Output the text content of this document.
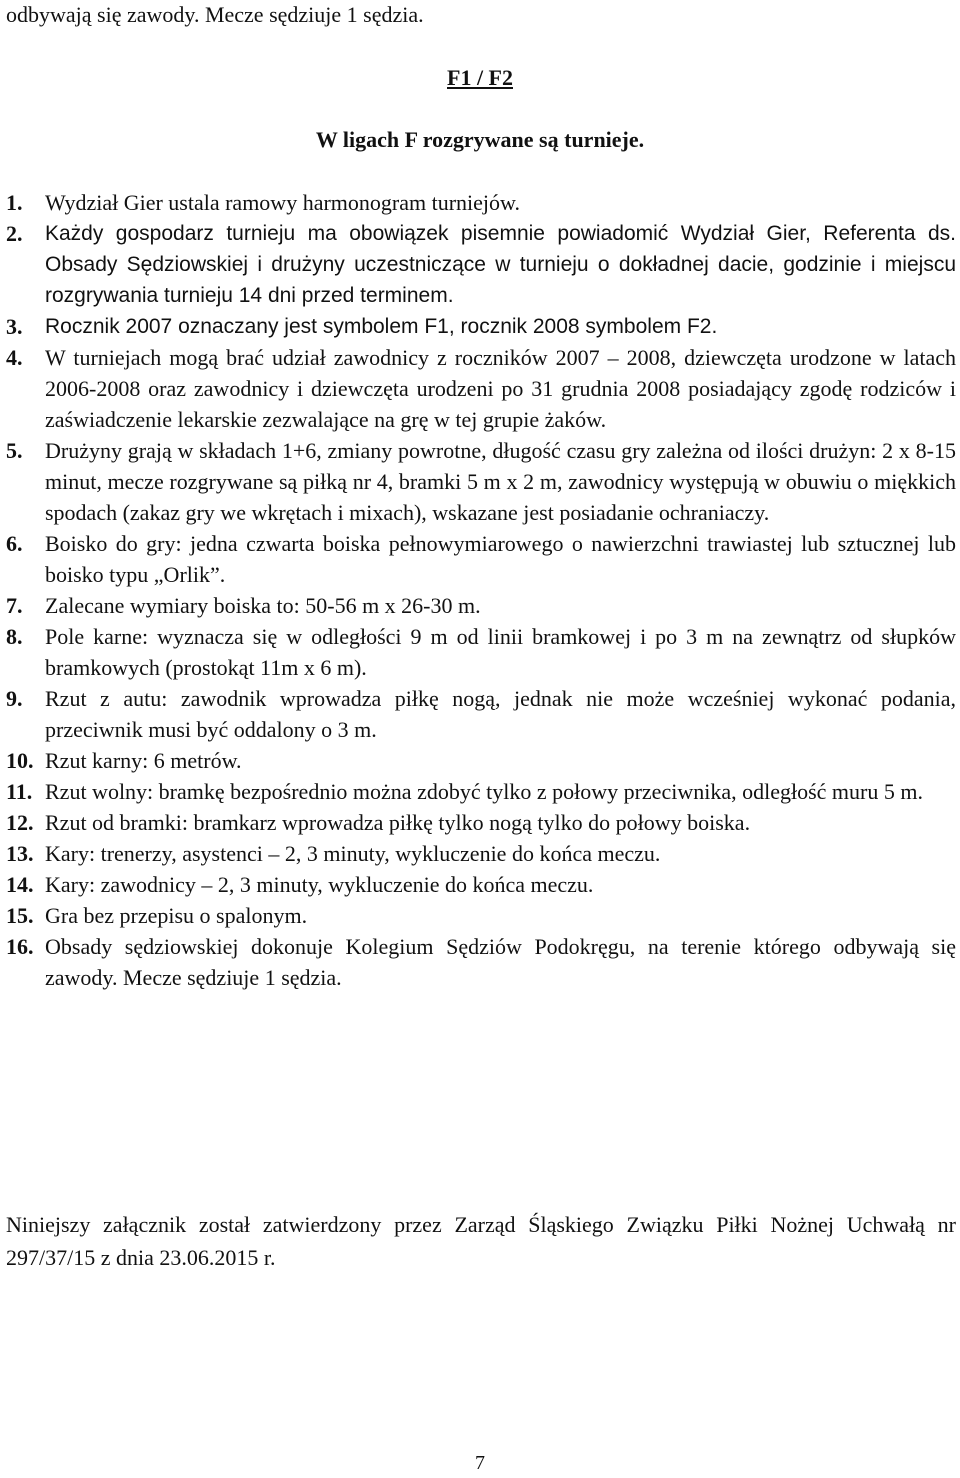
odbywają się zawody. Mecze sędziuje 1 sędzia.
F1 / F2
W ligach F rozgrywane są turnieje.
1. Wydział Gier ustala ramowy harmonogram turniejów.
2. Każdy gospodarz turnieju ma obowiązek pisemnie powiadomić Wydział Gier, Referenta ds. Obsady Sędziowskiej i drużyny uczestniczące w turnieju o dokładnej dacie, godzinie i miejscu rozgrywania turnieju 14 dni przed terminem.
3. Rocznik 2007 oznaczany jest symbolem F1, rocznik 2008 symbolem F2.
4. W turniejach mogą brać udział zawodnicy z roczników 2007 – 2008, dziewczęta urodzone w latach 2006-2008 oraz zawodnicy i dziewczęta urodzeni po 31 grudnia 2008 posiadający zgodę rodziców i zaświadczenie lekarskie zezwalające na grę w tej grupie żaków.
5. Drużyny grają w składach 1+6, zmiany powrotne, długość czasu gry zależna od ilości drużyn: 2 x 8-15 minut, mecze rozgrywane są piłką nr 4, bramki 5 m x 2 m, zawodnicy występują w obuwiu o miękkich spodach (zakaz gry we wkrętach i mixach), wskazane jest posiadanie ochraniaczy.
6. Boisko do gry: jedna czwarta boiska pełnowymiarowego o nawierzchni trawiastej lub sztucznej lub boisko typu „Orlik”.
7. Zalecane wymiary boiska to: 50-56 m x 26-30 m.
8. Pole karne: wyznacza się w odległości 9 m od linii bramkowej i po 3 m na zewnątrz od słupków bramkowych (prostokąt 11m x 6 m).
9. Rzut z autu: zawodnik wprowadza piłkę nogą, jednak nie może wcześniej wykonać podania, przeciwnik musi być oddalony o 3 m.
10. Rzut karny: 6 metrów.
11. Rzut wolny: bramkę bezpośrednio można zdobyć tylko z połowy przeciwnika, odległość muru 5 m.
12. Rzut od bramki: bramkarz wprowadza piłkę tylko nogą tylko do połowy boiska.
13. Kary: trenerzy, asystenci – 2, 3 minuty, wykluczenie do końca meczu.
14. Kary: zawodnicy – 2, 3 minuty, wykluczenie do końca meczu.
15. Gra bez przepisu o spalonym.
16. Obsady sędziowskiej dokonuje Kolegium Sędziów Podokręgu, na terenie którego odbywają się zawody. Mecze sędziuje 1 sędzia.
Niniejszy załącznik został zatwierdzony przez Zarząd Śląskiego Związku Piłki Nożnej Uchwałą nr 297/37/15 z dnia 23.06.2015 r.
7
